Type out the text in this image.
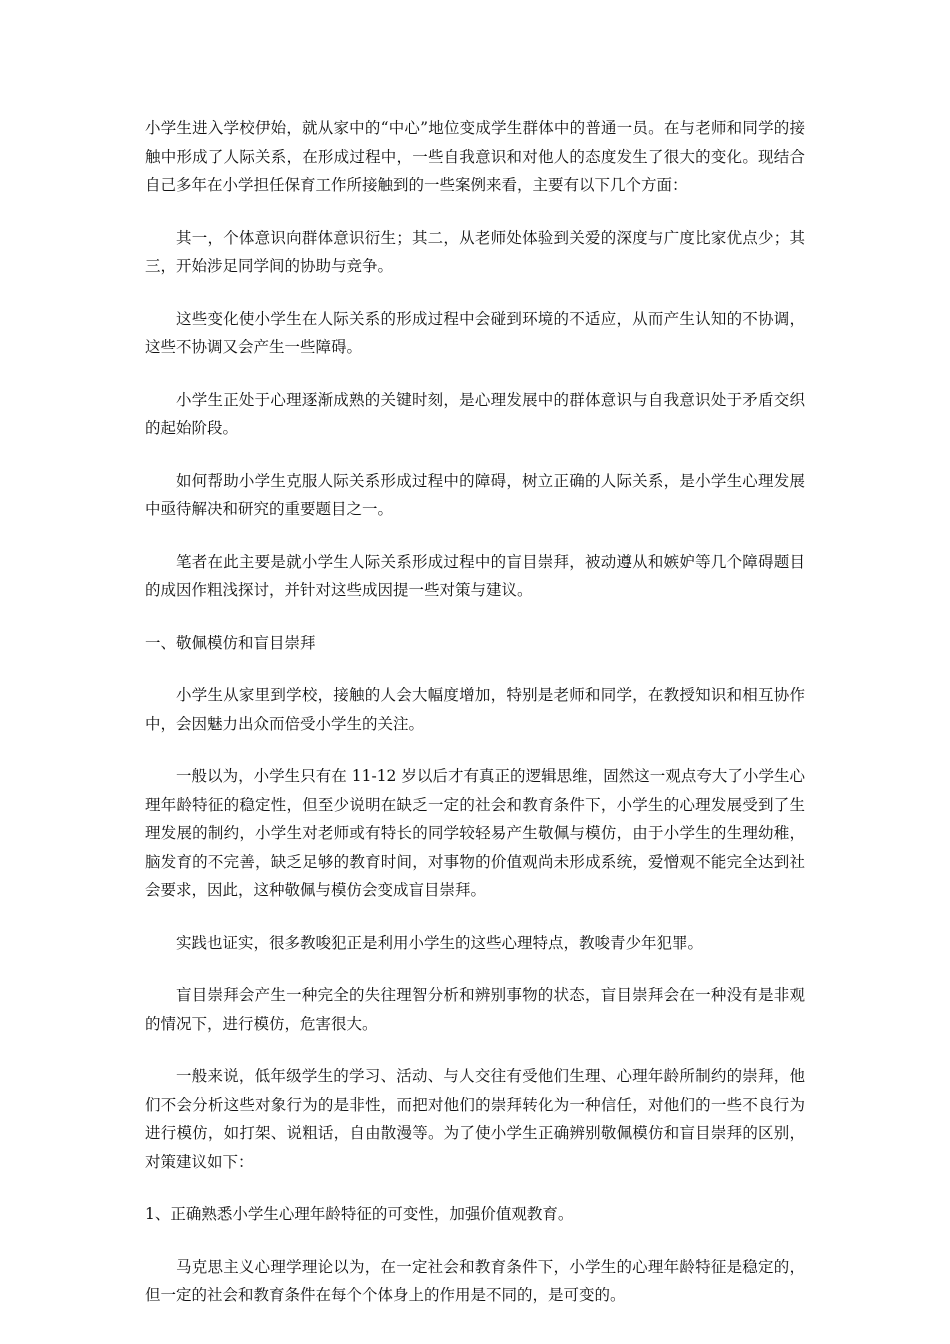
小学生进入学校伊始，就从家中的“中心”地位变成学生群体中的普通一员。在与老师和同学的接触中形成了人际关系，在形成过程中，一些自我意识和对他人的态度发生了很大的变化。现结合自己多年在小学担任保育工作所接触到的一些案例来看，主要有以下几个方面：

其一，个体意识向群体意识衍生；其二，从老师处体验到关爱的深度与广度比家优点少；其三，开始涉足同学间的协助与竞争。

这些变化使小学生在人际关系的形成过程中会碰到环境的不适应，从而产生认知的不协调，这些不协调又会产生一些障碍。

小学生正处于心理逐渐成熟的关键时刻，是心理发展中的群体意识与自我意识处于矛盾交织的起始阶段。

如何帮助小学生克服人际关系形成过程中的障碍，树立正确的人际关系，是小学生心理发展中亟待解决和研究的重要题目之一。

笔者在此主要是就小学生人际关系形成过程中的盲目崇拜，被动遵从和嫉妒等几个障碍题目的成因作粗浅探讨，并针对这些成因提一些对策与建议。

一、敬佩模仿和盲目崇拜

小学生从家里到学校，接触的人会大幅度增加，特别是老师和同学，在教授知识和相互协作中，会因魅力出众而倍受小学生的关注。

一般以为，小学生只有在 11-12 岁以后才有真正的逻辑思维，固然这一观点夸大了小学生心理年龄特征的稳定性，但至少说明在缺乏一定的社会和教育条件下，小学生的心理发展受到了生理发展的制约，小学生对老师或有特长的同学较轻易产生敬佩与模仿，由于小学生的生理幼稚，脑发育的不完善，缺乏足够的教育时间，对事物的价值观尚未形成系统，爱憎观不能完全达到社会要求，因此，这种敬佩与模仿会变成盲目崇拜。

实践也证实，很多教唆犯正是利用小学生的这些心理特点，教唆青少年犯罪。

盲目崇拜会产生一种完全的失往理智分析和辨别事物的状态，盲目崇拜会在一种没有是非观的情况下，进行模仿，危害很大。

一般来说，低年级学生的学习、活动、与人交往有受他们生理、心理年龄所制约的崇拜，他们不会分析这些对象行为的是非性，而把对他们的崇拜转化为一种信任，对他们的一些不良行为进行模仿，如打架、说粗话，自由散漫等。为了使小学生正确辨别敬佩模仿和盲目崇拜的区别，对策建议如下：

1、正确熟悉小学生心理年龄特征的可变性，加强价值观教育。

马克思主义心理学理论以为，在一定社会和教育条件下，小学生的心理年龄特征是稳定的，但一定的社会和教育条件在每个个体身上的作用是不同的，是可变的。
